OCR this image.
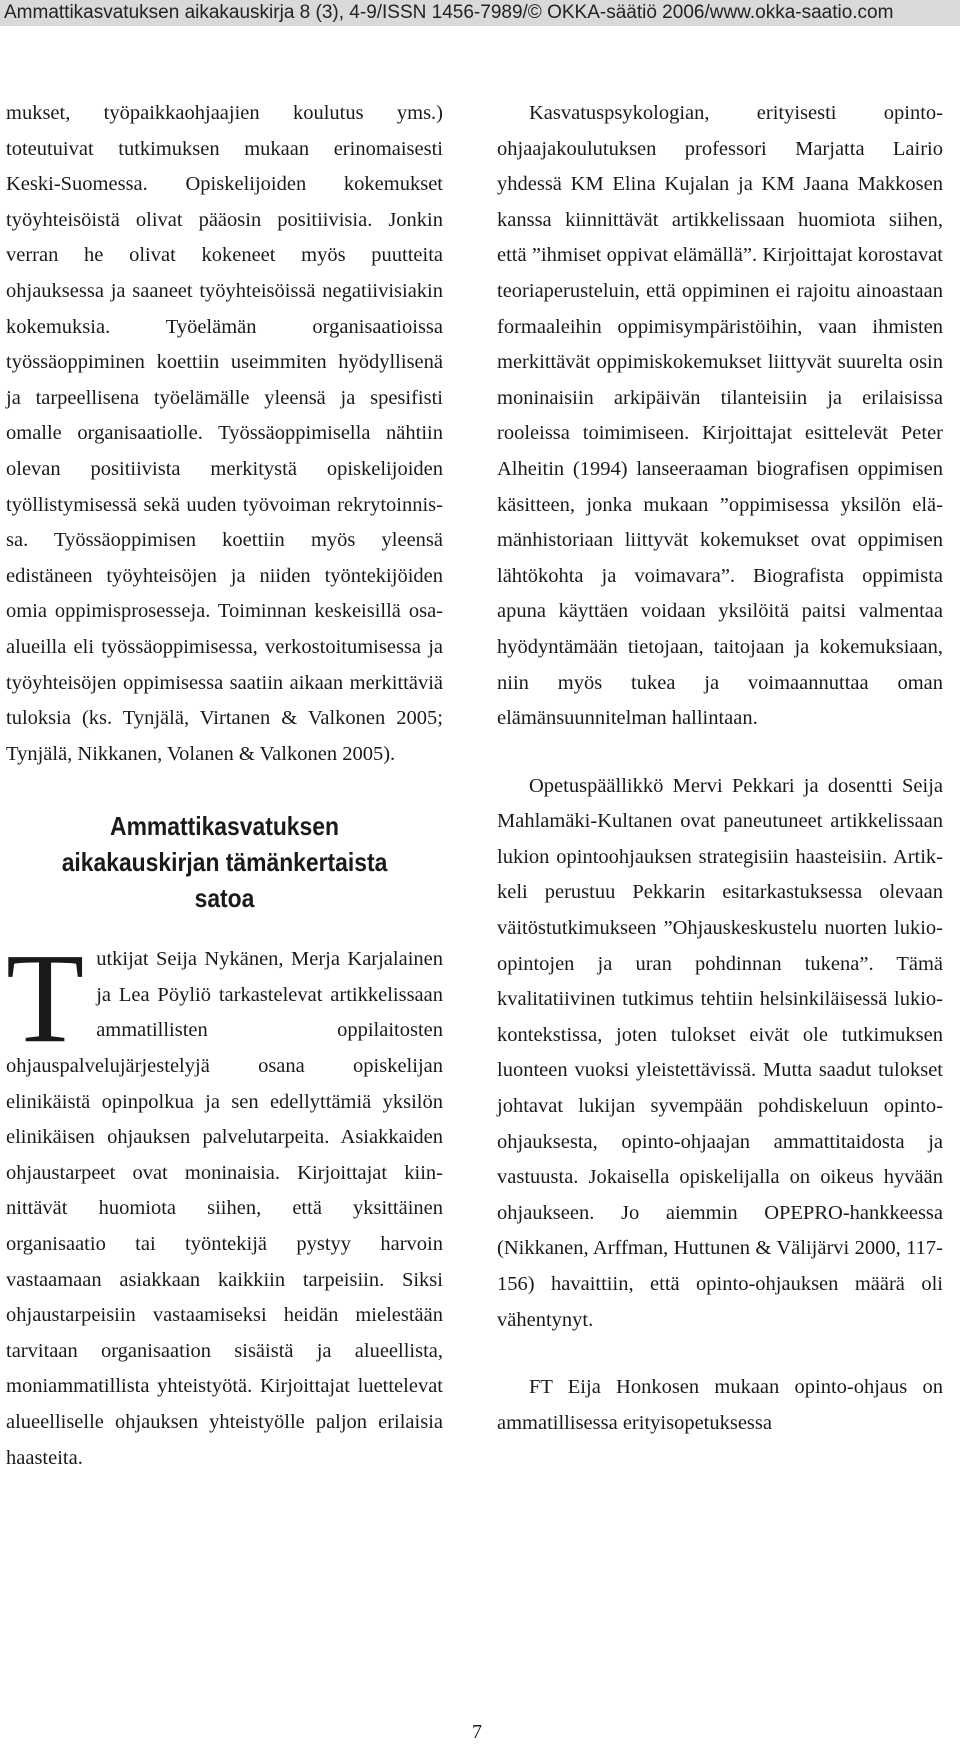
Ammattikasvatuksen aikakauskirja 8 (3), 4-9/ISSN 1456-7989/© OKKA-säätiö 2006/www.okka-saatio.com

mukset, työpaikkaohjaajien koulutus yms.) toteutuivat tutkimuksen mukaan erinomaisesti Keski-Suomessa. Opiskelijoiden kokemukset työyhteisöistä olivat pääosin positiivisia. Jonkin verran he olivat kokeneet myös puutteita ohjauksessa ja saaneet työyhteisöissä negatiivisiakin kokemuksia. Työelämän organisaatioissa työssäoppiminen koettiin useimmiten hyödyllisenä ja tarpeellisena työelämälle yleensä ja spesifisti omalle organisaatiolle. Työssäoppimisella nähtiin olevan positiivista merkitystä opiskelijoiden työllistymisessä sekä uuden työvoiman rekrytoinnissa. Työssäoppimisen koettiin myös yleensä edistäneen työyhteisöjen ja niiden työntekijöiden omia oppimisprosesseja. Toiminnan keskeisillä osa-alueilla eli työssäoppimisessa, verkostoitumisessa ja työyhteisöjen oppimisessa saatiin aikaan merkittäviä tuloksia (ks. Tynjälä, Virtanen & Valkonen 2005; Tynjälä, Nikkanen, Volanen & Valkonen 2005).

Ammattikasvatuksen aikakauskirjan tämänkertaista satoa

Tutkijat Seija Nykänen, Merja Karjalainen ja Lea Pöyliö tarkastelevat artikkelissaan ammatillisten oppilaitosten ohjauspalvelujärjestelyjä osana opiskelijan elinikäistä opinpolkua ja sen edellyttämiä yksilön elinikäisen ohjauksen palvelutarpeita. Asiakkaiden ohjaustarpeet ovat moninaisia. Kirjoittajat kiinnittävät huomiota siihen, että yksittäinen organisaatio tai työntekijä pystyy harvoin vastaamaan asiakkaan kaikkiin tarpeisiin. Siksi ohjaustarpeisiin vastaamiseksi heidän mielestään tarvitaan organisaation sisäistä ja alueellista, moniammatillista yhteistyötä. Kirjoittajat luettelevat alueelliselle ohjauksen yhteistyölle paljon erilaisia haasteita.

Kasvatuspsykologian, erityisesti opinto-ohjaajakoulutuksen professori Marjatta Lairio yhdessä KM Elina Kujalan ja KM Jaana Makkosen kanssa kiinnittävät artikkelissaan huomiota siihen, että ”ihmiset oppivat elämällä”. Kirjoittajat korostavat teoriaperusteluin, että oppiminen ei rajoitu ainoastaan formaaleihin oppimisympäristöihin, vaan ihmisten merkittävät oppimiskokemukset liittyvät suurelta osin moninaisiin arkipäivän tilanteisiin ja erilaisissa rooleissa toimimiseen. Kirjoittajat esittelevät Peter Alheitin (1994) lanseeraaman biografisen oppimisen käsitteen, jonka mukaan ”oppimisessa yksilön elämänhistoriaan liittyvät kokemukset ovat oppimisen lähtökohta ja voimavara”. Biografista oppimista apuna käyttäen voidaan yksilöitä paitsi valmentaa hyödyntämään tietojaan, taitojaan ja kokemuksiaan, niin myös tukea ja voimaannuttaa oman elämänsuunnitelman hallintaan.

Opetuspäällikkö Mervi Pekkari ja dosentti Seija Mahlamäki-Kultanen ovat paneutuneet artikkelissaan lukion opintoohjauksen strategisiin haasteisiin. Artikkeli perustuu Pekkarin esitarkastuksessa olevaan väitöstutkimukseen ”Ohjauskeskustelu nuorten lukio-opintojen ja uran pohdinnan tukena”. Tämä kvalitatiivinen tutkimus tehtiin helsinkiläisessä lukiokontekstissa, joten tulokset eivät ole tutkimuksen luonteen vuoksi yleistettävissä. Mutta saadut tulokset johtavat lukijan syvempään pohdiskeluun opinto-ohjauksesta, opinto-ohjaajan ammattitaidosta ja vastuusta. Jokaisella opiskelijalla on oikeus hyvään ohjaukseen. Jo aiemmin OPEPRO-hankkeessa (Nikkanen, Arffman, Huttunen & Välijärvi 2000, 117-156) havaittiin, että opinto-ohjauksen määrä oli vähentynyt.

FT Eija Honkosen mukaan opinto-ohjaus on ammatillisessa erityisopetuksessa

7
